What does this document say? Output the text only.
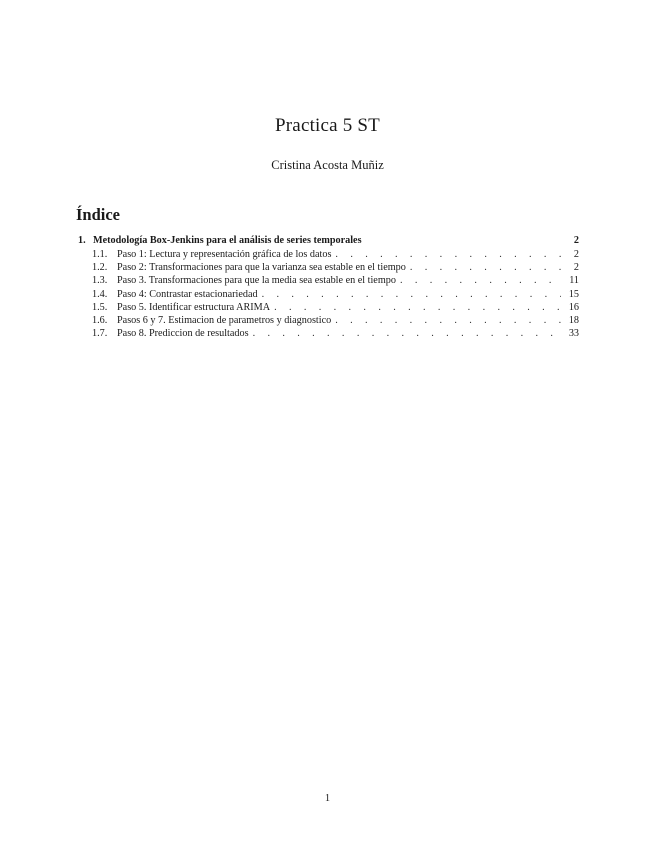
Practica 5 ST
Cristina Acosta Muñiz
Índice
1. Metodología Box-Jenkins para el análisis de series temporales	2
1.1. Paso 1: Lectura y representación gráfica de los datos . . .	2
1.2. Paso 2: Transformaciones para que la varianza sea estable en el tiempo . . .	2
1.3. Paso 3. Transformaciones para que la media sea estable en el tiempo . . .	11
1.4. Paso 4: Contrastar estacionariedad . . .	15
1.5. Paso 5. Identificar estructura ARIMA . . .	16
1.6. Pasos 6 y 7. Estimacion de parametros y diagnostico . . .	18
1.7. Paso 8. Prediccion de resultados . . .	33
1
